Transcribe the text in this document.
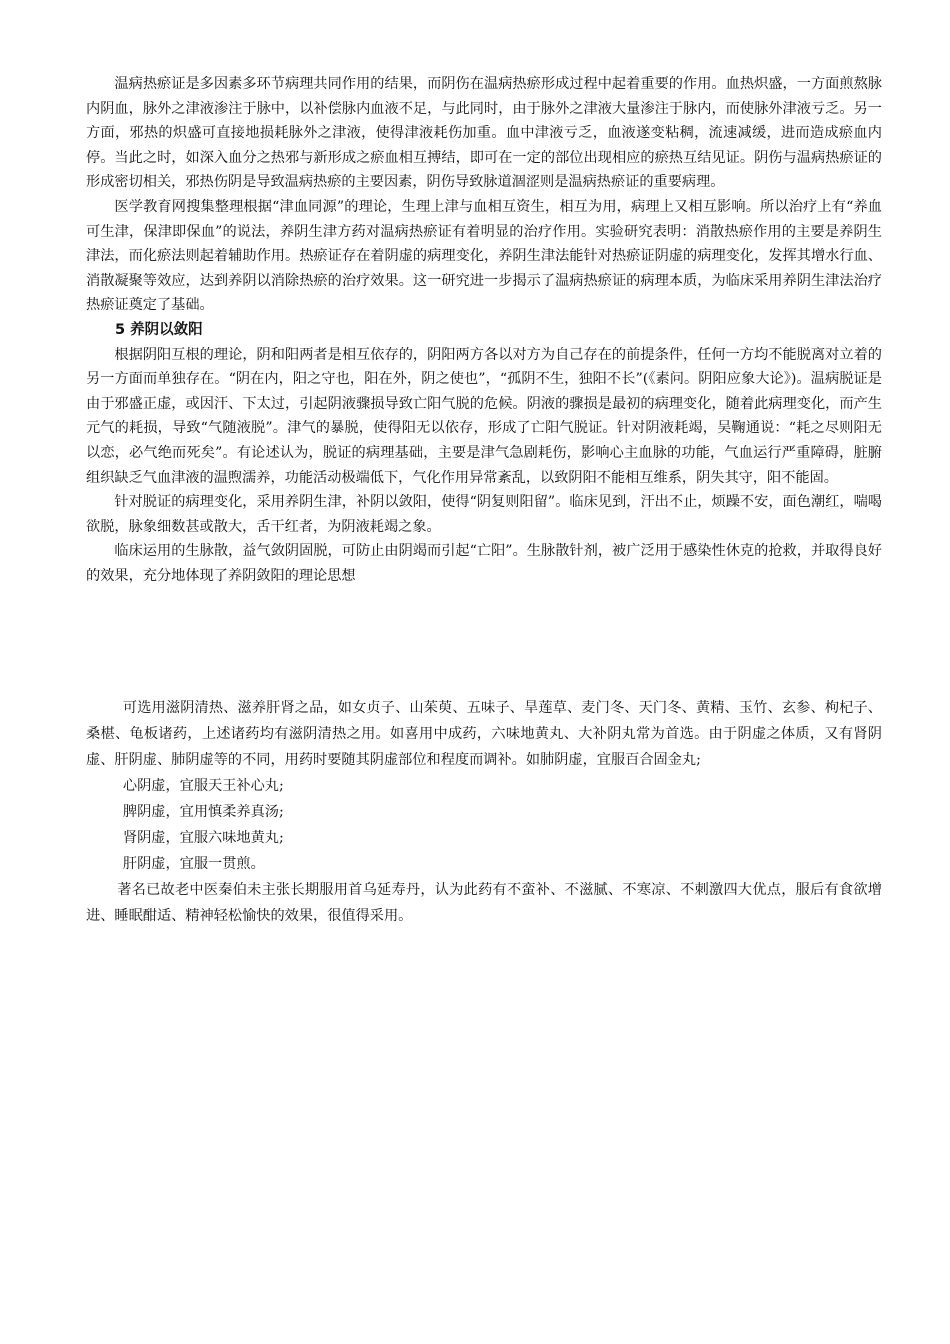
温病热瘀证是多因素多环节病理共同作用的结果，而阴伤在温病热瘀形成过程中起着重要的作用。血热炽盛，一方面煎熬脉内阴血，脉外之津液渗注于脉中，以补偿脉内血液不足，与此同时，由于脉外之津液大量渗注于脉内，而使脉外津液亏乏。另一方面，邪热的炽盛可直接地损耗脉外之津液，使得津液耗伤加重。血中津液亏乏，血液遂变粘稠，流速减缓，进而造成瘀血内停。当此之时，如深入血分之热邪与新形成之瘀血相互搏结，即可在一定的部位出现相应的瘀热互结见证。阴伤与温病热瘀证的形成密切相关，邪热伤阴是导致温病热瘀的主要因素，阴伤导致脉道涸涩则是温病热瘀证的重要病理。

医学教育网搜集整理根据“津血同源”的理论，生理上津与血相互资生，相互为用，病理上又相互影响。所以治疗上有“养血可生津，保津即保血”的说法，养阴生津方药对温病热瘀证有着明显的治疗作用。实验研究表明：消散热瘀作用的主要是养阴生津法，而化瘀法则起着辅助作用。热瘀证存在着阴虚的病理变化，养阴生津法能针对热瘀证阴虚的病理变化，发挥其增水行血、消散凝聚等效应，达到养阴以消除热瘀的治疗效果。这一研究进一步揭示了温病热瘀证的病理本质，为临床采用养阴生津法治疗热瘀证奠定了基础。

5 养阴以敛阳

根据阴阳互根的理论，阴和阳两者是相互依存的，阴阳两方各以对方为自己存在的前提条件，任何一方均不能脱离对立着的另一方面而单独存在。“阴在内，阳之守也，阳在外，阴之使也”，“孤阴不生，独阳不长”(《素问。阴阳应象大论》)。温病脱证是由于邪盛正虚，或因汗、下太过，引起阴液骤损导致亡阳气脱的危候。阴液的骤损是最初的病理变化，随着此病理变化，而产生元气的耗损，导致“气随液脱”。津气的暴脱，使得阳无以依存，形成了亡阳气脱证。针对阴液耗竭，吴鞠通说：“耗之尽则阳无以恋，必气绝而死矣”。有论述认为，脱证的病理基础，主要是津气急剧耗伤，影响心主血脉的功能，气血运行严重障碍，脏腑组织缺乏气血津液的温煦濡养，功能活动极端低下，气化作用异常紊乱，以致阴阳不能相互维系，阴失其守，阳不能固。

针对脱证的病理变化，采用养阴生津，补阴以敛阳，使得“阴复则阳留”。临床见到，汗出不止，烦躁不安，面色潮红，喘喝欲脱，脉象细数甚或散大，舌干红者，为阴液耗竭之象。

临床运用的生脉散，益气敛阴固脱，可防止由阴竭而引起“亡阳”。生脉散针剂，被广泛用于感染性休克的抢救，并取得良好的效果，充分地体现了养阴敛阳的理论思想

可选用滋阴清热、滋养肝肾之品，如女贞子、山茱萸、五味子、旱莲草、麦门冬、天门冬、黄精、玉竹、玄参、枸杞子、桑椹、龟板诸药，上述诸药均有滋阴清热之用。如喜用中成药，六味地黄丸、大补阴丸常为首选。由于阴虚之体质，又有肾阴虚、肝阴虚、肺阴虚等的不同，用药时要随其阴虚部位和程度而调补。如肺阴虚，宜服百合固金丸;

心阴虚，宜服天王补心丸;

脾阴虚，宜用慎柔养真汤;

肾阴虚，宜服六味地黄丸;

肝阴虚，宜服一贯煎。

著名已故老中医秦伯未主张长期服用首乌延寿丹，认为此药有不蛮补、不滋腻、不寒凉、不刺激四大优点，服后有食欲增进、睡眠酣适、精神轻松愉快的效果，很值得采用。
